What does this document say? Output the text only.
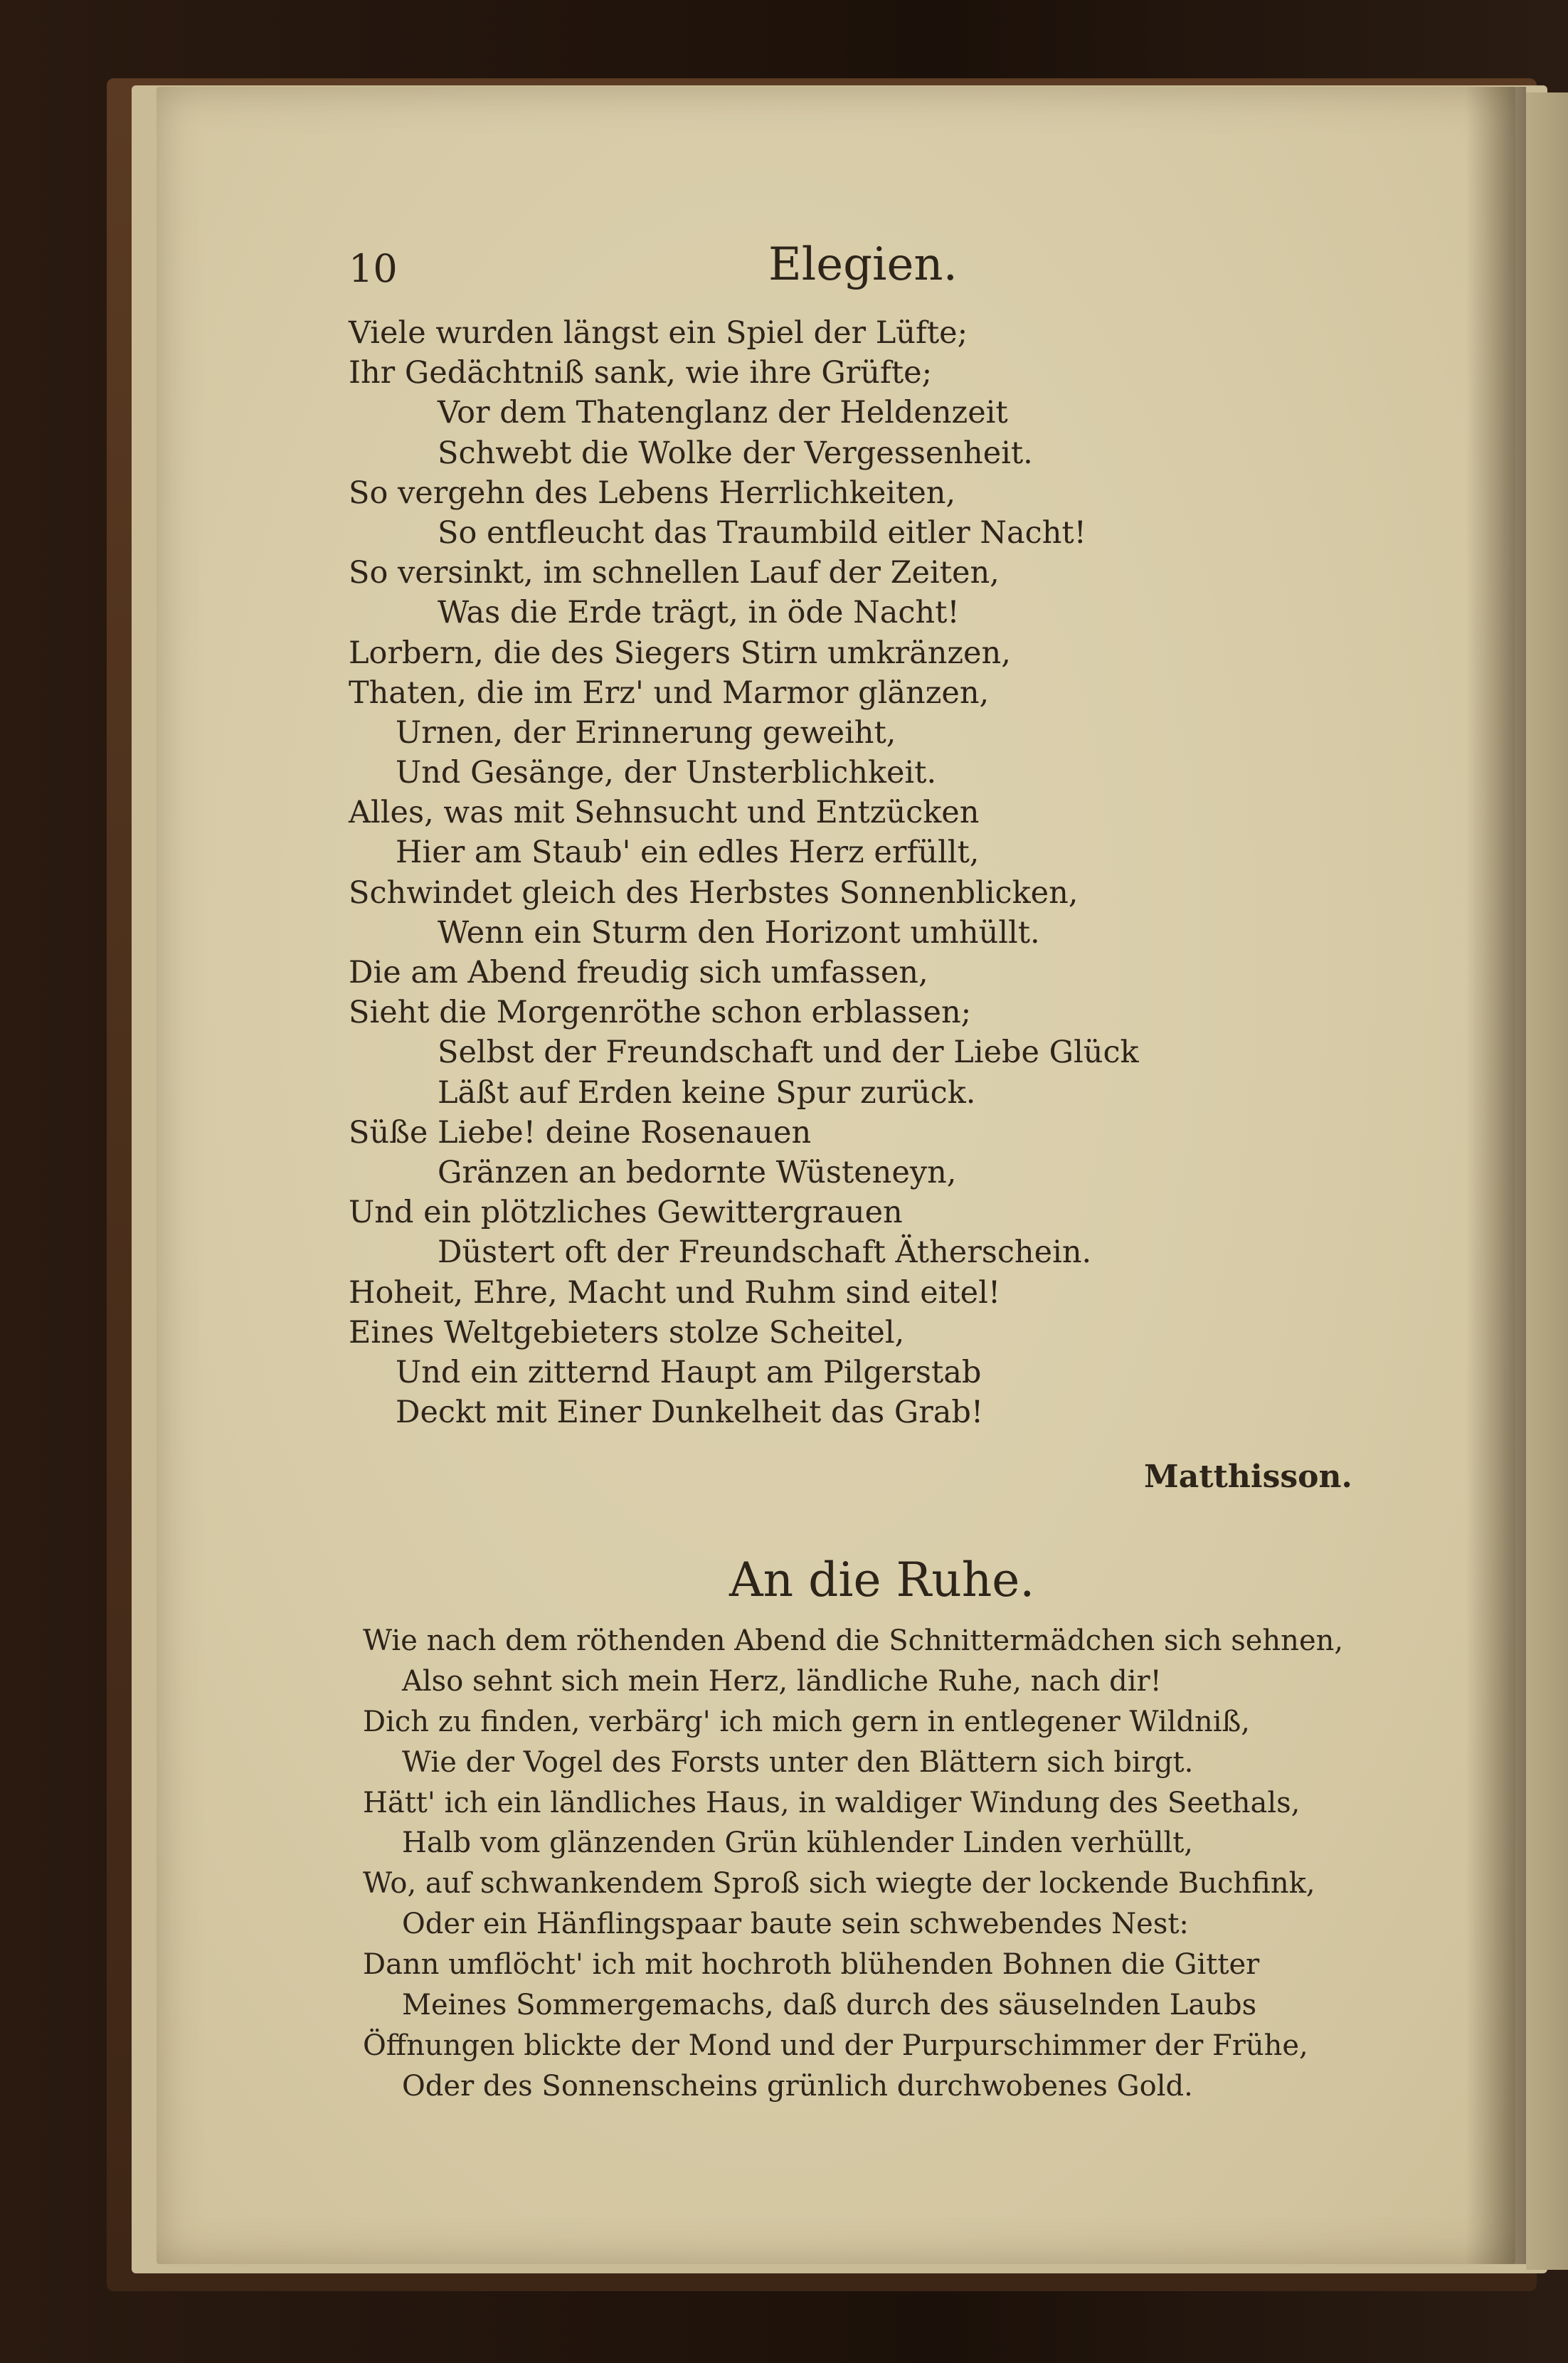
10	Elegien.
Viele wurden längst ein Spiel der Lüfte;
Ihr Gedächtniß sank, wie ihre Grüfte;
Vor dem Thatenglanz der Heldenzeit
Schwebt die Wolke der Vergessenheit.
So vergehn des Lebens Herrlichkeiten,
So entfleucht das Traumbild eitler Nacht!
So versinkt, im schnellen Lauf der Zeiten,
Was die Erde trägt, in öde Nacht!
Lorbern, die des Siegers Stirn umkränzen,
Thaten, die im Erz' und Marmor glänzen,
Urnen, der Erinnerung geweiht,
Und Gesänge, der Unsterblichkeit.
Alles, was mit Sehnsucht und Entzücken
Hier am Staub' ein edles Herz erfüllt,
Schwindet gleich des Herbstes Sonnenblicken,
Wenn ein Sturm den Horizont umhüllt.
Die am Abend freudig sich umfassen,
Sieht die Morgenröthe schon erblassen;
Selbst der Freundschaft und der Liebe Glück
Läßt auf Erden keine Spur zurück.
Süße Liebe! deine Rosenauen
Gränzen an bedornte Wüsteneyn,
Und ein plötzliches Gewittergrauen
Düstert oft der Freundschaft Ätherschein.
Hoheit, Ehre, Macht und Ruhm sind eitel!
Eines Weltgebieters stolze Scheitel,
Und ein zitternd Haupt am Pilgerstab
Deckt mit Einer Dunkelheit das Grab!
Matthisson.
An die Ruhe.
Wie nach dem röthenden Abend die Schnittermädchen sich sehnen,
Also sehnt sich mein Herz, ländliche Ruhe, nach dir!
Dich zu finden, verbärg' ich mich gern in entlegener Wildniß,
Wie der Vogel des Forsts unter den Blättern sich birgt.
Hätt' ich ein ländliches Haus, in waldiger Windung des Seethals,
Halb vom glänzenden Grün kühlender Linden verhüllt,
Wo, auf schwankendem Sproß sich wiegte der lockende Buchfink,
Oder ein Hänflingspaar baute sein schwebendes Nest:
Dann umflöcht' ich mit hochroth blühenden Bohnen die Gitter
Meines Sommergemachs, daß durch des säuselnden Laubs
Öffnungen blickte der Mond und der Purpurschimmer der Frühe,
Oder des Sonnenscheins grünlich durchwobenes Gold.
